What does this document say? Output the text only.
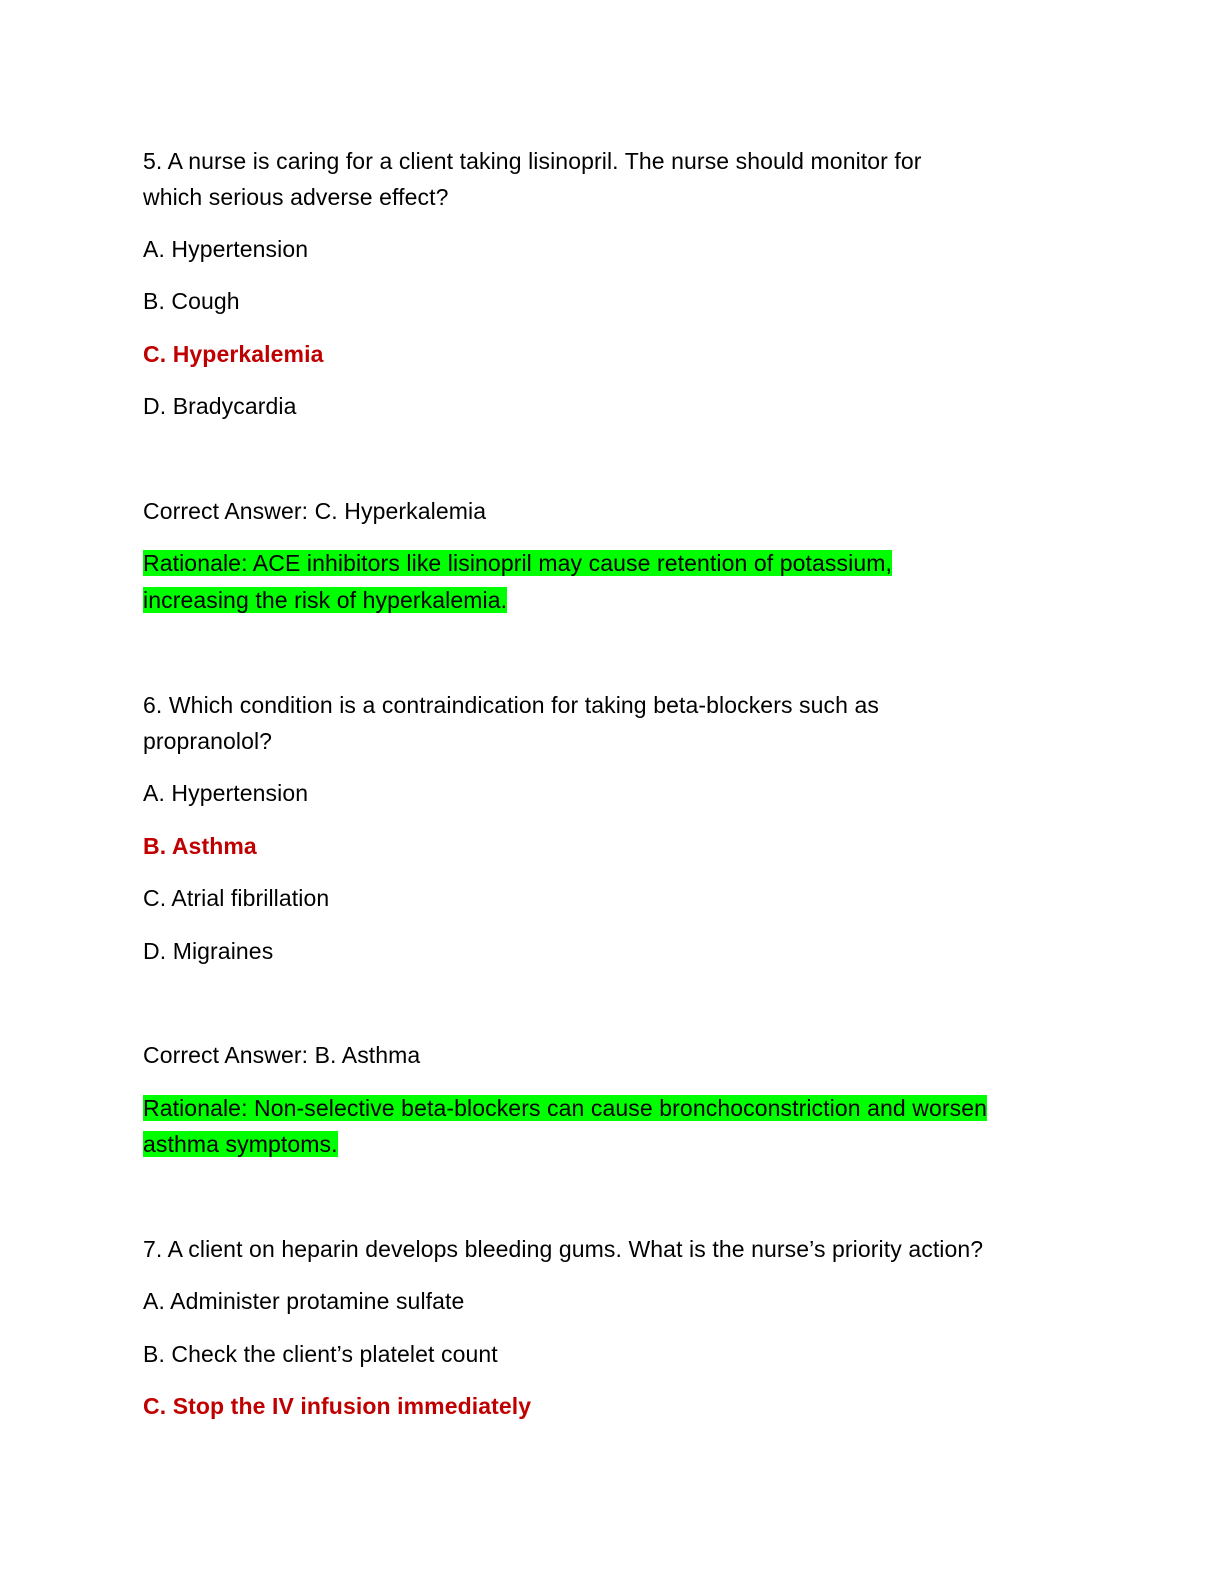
5. A nurse is caring for a client taking lisinopril. The nurse should monitor for
which serious adverse effect?
A. Hypertension
B. Cough
C. Hyperkalemia
D. Bradycardia
Correct Answer: C. Hyperkalemia
Rationale: ACE inhibitors like lisinopril may cause retention of potassium,
increasing the risk of hyperkalemia.
6. Which condition is a contraindication for taking beta-blockers such as
propranolol?
A. Hypertension
B. Asthma
C. Atrial fibrillation
D. Migraines
Correct Answer: B. Asthma
Rationale: Non-selective beta-blockers can cause bronchoconstriction and worsen
asthma symptoms.
7. A client on heparin develops bleeding gums. What is the nurse’s priority action?
A. Administer protamine sulfate
B. Check the client’s platelet count
C. Stop the IV infusion immediately
